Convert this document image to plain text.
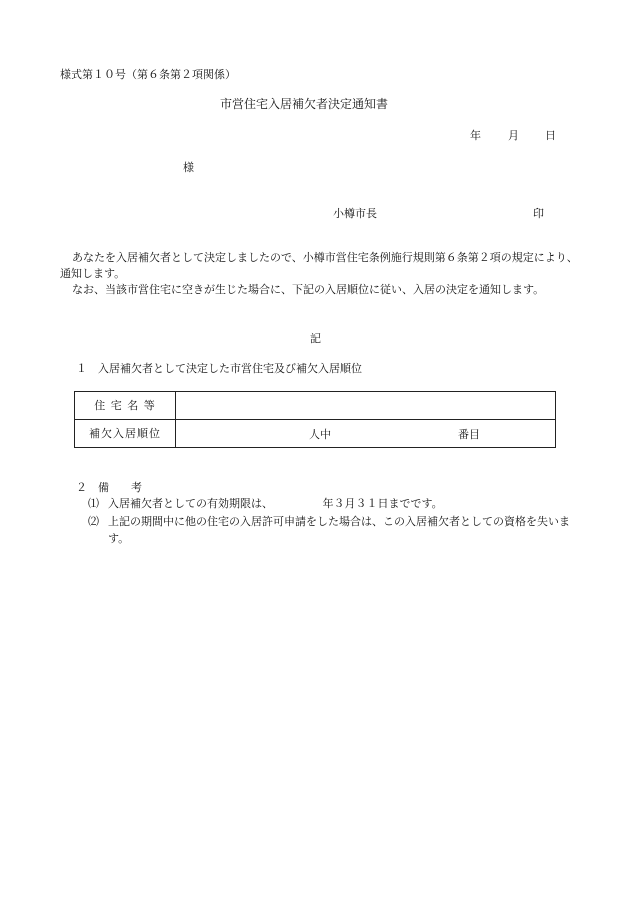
様式第１０号（第６条第２項関係）
市営住宅入居補欠者決定通知書
年 月 日
様
小樽市長	印

あなたを入居補欠者として決定しましたので、小樽市営住宅条例施行規則第６条第２項の規定により、通知します。

なお、当該市営住宅に空きが生じた場合に、下記の入居順位に従い、入居の決定を通知します。

記
１　入居補欠者として決定した市営住宅及び補欠入居順位
住 宅 名 等	
補欠入居順位	人中 番目
２　備　　考
⑴ 入居補欠者としての有効期限は、　　　　　年３月３１日までです。
⑵ 上記の期間中に他の住宅の入居許可申請をした場合は、この入居補欠者としての資格を失います。
